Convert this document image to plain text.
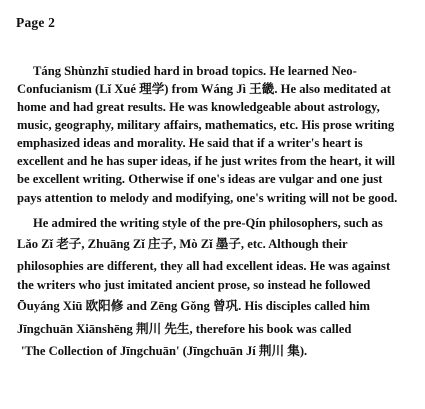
Page 2
Táng Shùnzhī studied hard in broad topics. He learned Neo-
Confucianism (Lǐ Xué 理学) from Wáng Jì 王畿. He also meditated at
home and had great results. He was knowledgeable about astrology,
music, geography, military affairs, mathematics, etc. His prose writing
emphasized ideas and morality. He said that if a writer's heart is
excellent and he has super ideas, if he just writes from the heart, it will
be excellent writing. Otherwise if one's ideas are vulgar and one just
pays attention to melody and modifying, one's writing will not be good.
He admired the writing style of the pre-Qín philosophers, such as
Lǎo Zǐ 老子, Zhuāng Zǐ 庄子, Mò Zǐ 墨子, etc. Although their
philosophies are different, they all had excellent ideas. He was against
the writers who just imitated ancient prose, so instead he followed
Ōuyáng Xiū 欧阳修 and Zēng Gǒng 曾巩. His disciples called him
Jīngchuān Xiānshēng 荆川 先生, therefore his book was called
'The Collection of Jīngchuān' (Jīngchuān Jí 荆川 集).
